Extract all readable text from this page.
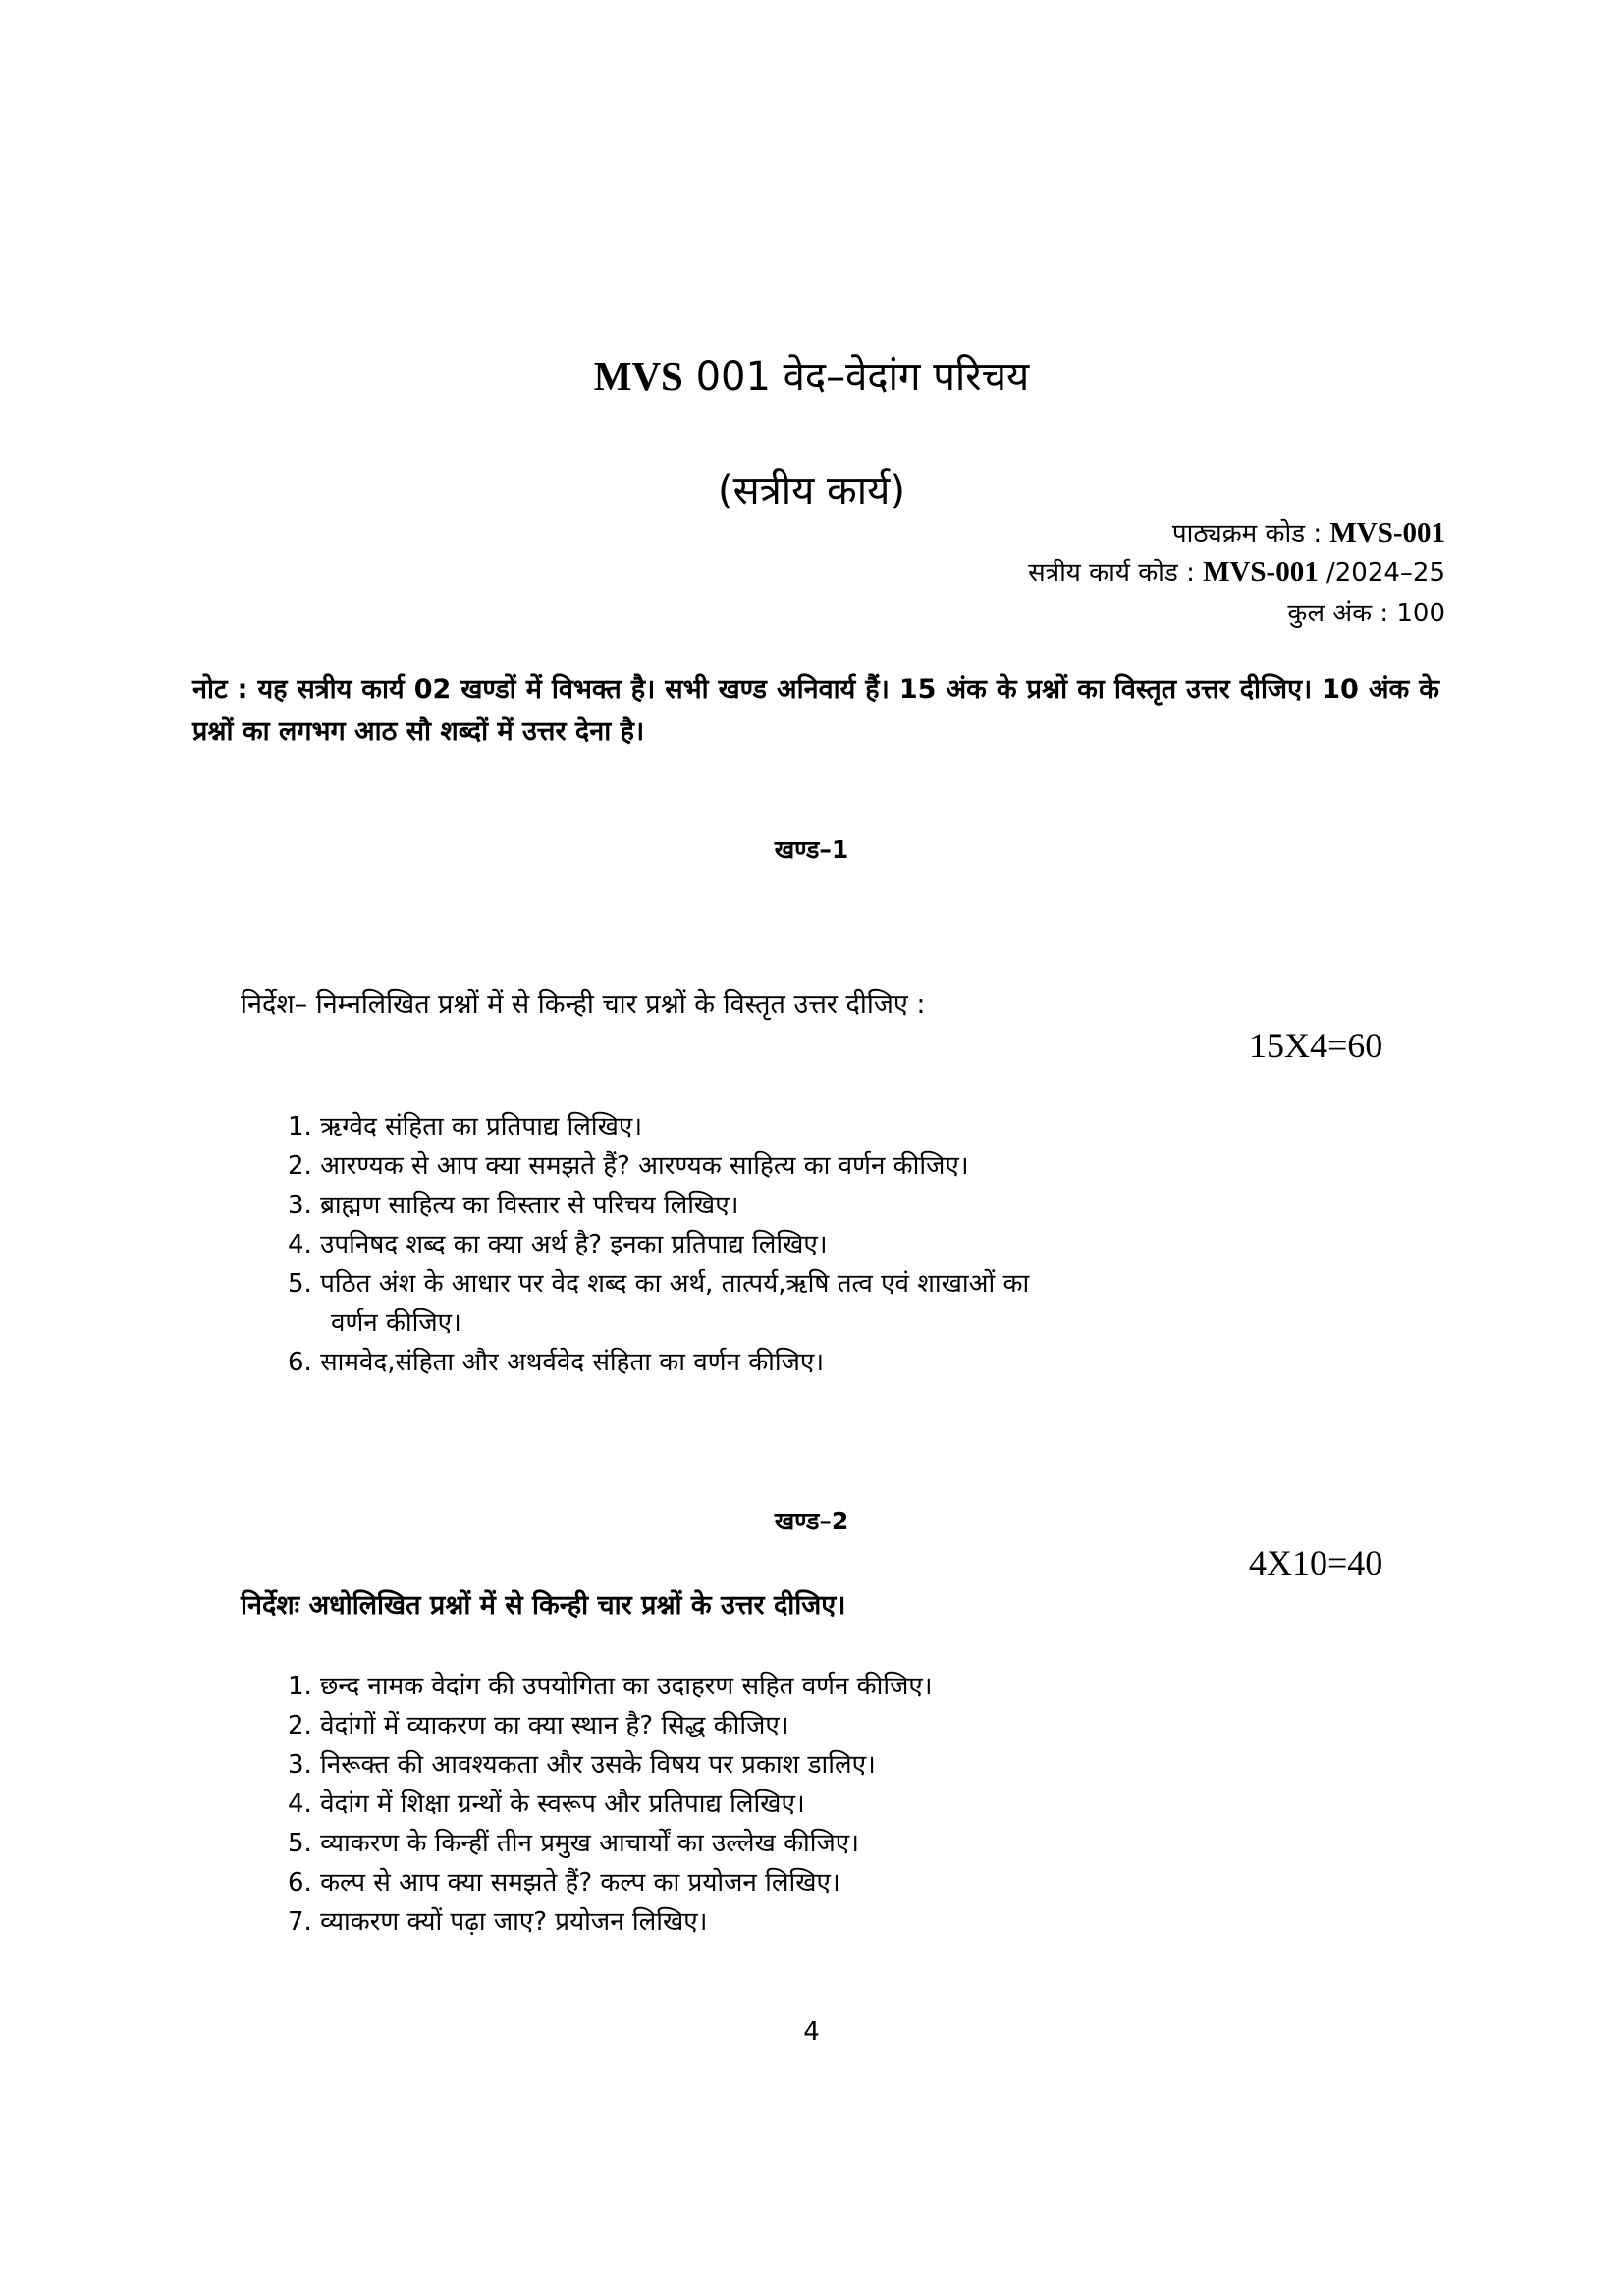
MVS 001 वेद–वेदांग परिचय
(सत्रीय कार्य)
पाठ्यक्रम कोड : MVS-001
सत्रीय कार्य कोड : MVS-001 /2024–25
कुल अंक : 100
नोट : यह सत्रीय कार्य 02 खण्डों में विभक्त है। सभी खण्ड अनिवार्य हैं। 15 अंक के प्रश्नों का विस्तृत उत्तर दीजिए। 10 अंक के प्रश्नों का लगभग आठ सौ शब्दों में उत्तर देना है।
खण्ड–1
निर्देश– निम्नलिखित प्रश्नों में से किन्ही चार प्रश्नों के विस्तृत उत्तर दीजिए :
15X4=60
1. ऋग्वेद संहिता का प्रतिपाद्य लिखिए।
2. आरण्यक से आप क्या समझते हैं? आरण्यक साहित्य का वर्णन कीजिए।
3. ब्राह्मण साहित्य का विस्तार से परिचय लिखिए।
4. उपनिषद शब्द का क्या अर्थ है? इनका प्रतिपाद्य लिखिए।
5. पठित अंश के आधार पर वेद शब्द का अर्थ, तात्पर्य,ऋषि तत्व एवं शाखाओं का
वर्णन कीजिए।
6. सामवेद,संहिता और अथर्ववेद संहिता का वर्णन कीजिए।
खण्ड–2
4X10=40
निर्देशः अधोलिखित प्रश्नों में से किन्ही चार प्रश्नों के उत्तर दीजिए।
1. छन्द नामक वेदांग की उपयोगिता का उदाहरण सहित वर्णन कीजिए।
2. वेदांगों में व्याकरण का क्या स्थान है? सिद्ध कीजिए।
3. निरूक्त की आवश्यकता और उसके विषय पर प्रकाश डालिए।
4. वेदांग में शिक्षा ग्रन्थों के स्वरूप और प्रतिपाद्य लिखिए।
5. व्याकरण के किन्हीं तीन प्रमुख आचार्यों का उल्लेख कीजिए।
6. कल्प से आप क्या समझते हैं? कल्प का प्रयोजन लिखिए।
7. व्याकरण क्यों पढ़ा जाए? प्रयोजन लिखिए।
4
